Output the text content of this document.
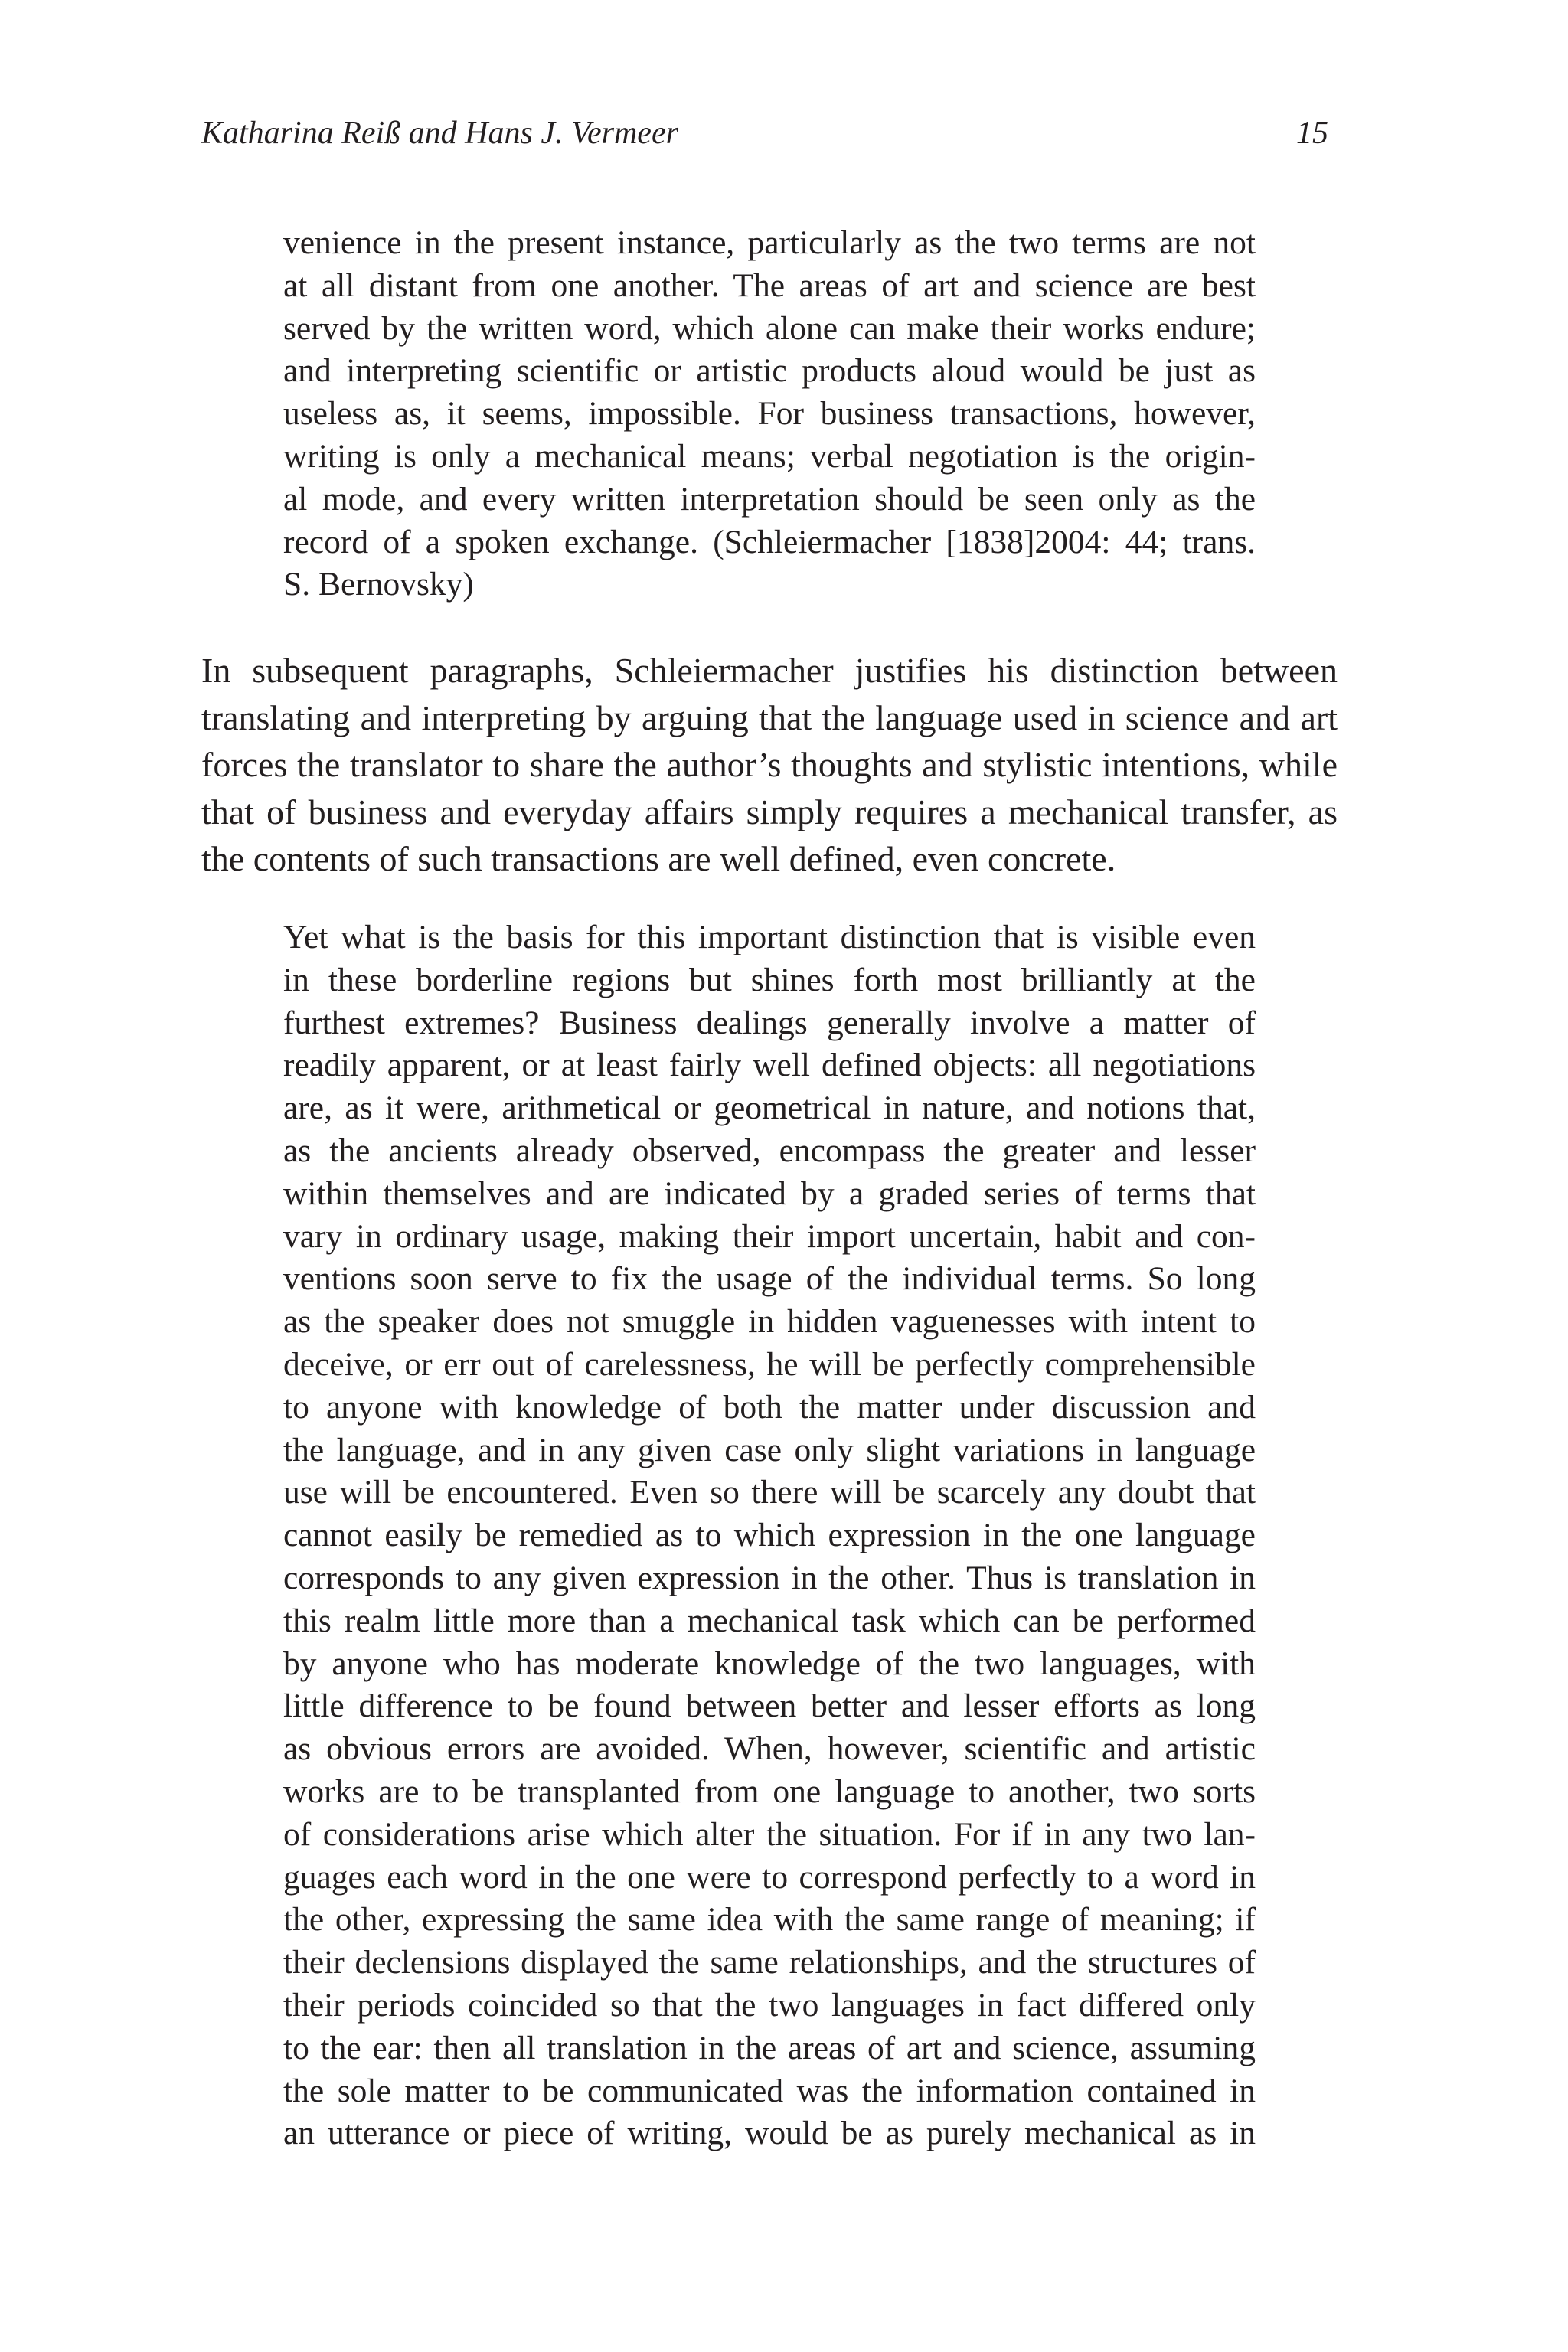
Katharina Reiß and Hans J. Vermeer	15
venience in the present instance, particularly as the two terms are not
at all distant from one another. The areas of art and science are best
served by the written word, which alone can make their works endure;
and interpreting scientific or artistic products aloud would be just as
useless as, it seems, impossible. For business transactions, however,
writing is only a mechanical means; verbal negotiation is the origin-
al mode, and every written interpretation should be seen only as the
record of a spoken exchange. (Schleiermacher [1838]2004: 44; trans.
S. Bernovsky)
In subsequent paragraphs, Schleiermacher justifies his distinction between
translating and interpreting by arguing that the language used in science and art
forces the translator to share the author’s thoughts and stylistic intentions, while
that of business and everyday affairs simply requires a mechanical transfer, as
the contents of such transactions are well defined, even concrete.
Yet what is the basis for this important distinction that is visible even
in these borderline regions but shines forth most brilliantly at the
furthest extremes? Business dealings generally involve a matter of
readily apparent, or at least fairly well defined objects: all negotiations
are, as it were, arithmetical or geometrical in nature, and notions that,
as the ancients already observed, encompass the greater and lesser
within themselves and are indicated by a graded series of terms that
vary in ordinary usage, making their import uncertain, habit and con-
ventions soon serve to fix the usage of the individual terms. So long
as the speaker does not smuggle in hidden vaguenesses with intent to
deceive, or err out of carelessness, he will be perfectly comprehensible
to anyone with knowledge of both the matter under discussion and
the language, and in any given case only slight variations in language
use will be encountered. Even so there will be scarcely any doubt that
cannot easily be remedied as to which expression in the one language
corresponds to any given expression in the other. Thus is translation in
this realm little more than a mechanical task which can be performed
by anyone who has moderate knowledge of the two languages, with
little difference to be found between better and lesser efforts as long
as obvious errors are avoided. When, however, scientific and artistic
works are to be transplanted from one language to another, two sorts
of considerations arise which alter the situation. For if in any two lan-
guages each word in the one were to correspond perfectly to a word in
the other, expressing the same idea with the same range of meaning; if
their declensions displayed the same relationships, and the structures of
their periods coincided so that the two languages in fact differed only
to the ear: then all translation in the areas of art and science, assuming
the sole matter to be communicated was the information contained in
an utterance or piece of writing, would be as purely mechanical as in
